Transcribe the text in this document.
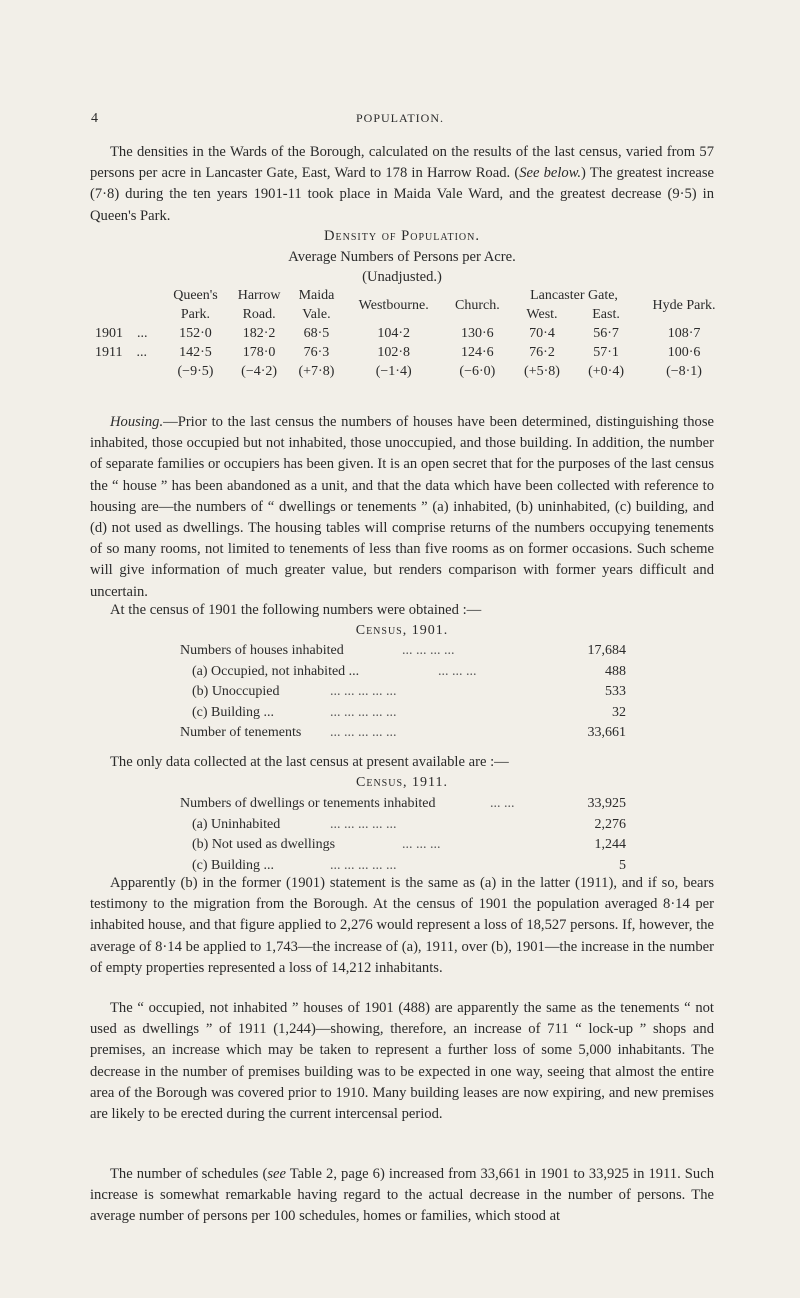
4	POPULATION.

The densities in the Wards of the Borough, calculated on the results of the last census, varied from 57 persons per acre in Lancaster Gate, East, Ward to 178 in Harrow Road. (See below.) The greatest increase (7·8) during the ten years 1901-11 took place in Maida Vale Ward, and the greatest decrease (9·5) in Queen's Park.

Density of Population.
Average Numbers of Persons per Acre.
(Unadjusted.)
	Queen's	Harrow	Maida	Westbourne.	Church.	Lancaster Gate,		Hyde Park.
	Park.	Road.	Vale.			West.	East.	
1901 ...	152·0	182·2	68·5	104·2	130·6	70·4	56·7	108·7
1911 ...	142·5	178·0	76·3	102·8	124·6	76·2	57·1	100·6
	(−9·5)	(−4·2)	(+7·8)	(−1·4)	(−6·0)	(+5·8)	(+0·4)	(−8·1)

Housing.—Prior to the last census the numbers of houses have been determined, distinguishing those inhabited, those occupied but not inhabited, those unoccupied, and those building. In addition, the number of separate families or occupiers has been given. It is an open secret that for the purposes of the last census the “ house ” has been abandoned as a unit, and that the data which have been collected with reference to housing are—the numbers of “ dwellings or tenements ” (a) inhabited, (b) uninhabited, (c) building, and (d) not used as dwellings. The housing tables will comprise returns of the numbers occupying tenements of so many rooms, not limited to tenements of less than five rooms as on former occasions. Such scheme will give information of much greater value, but renders comparison with former years difficult and uncertain.

At the census of 1901 the following numbers were obtained :—

Census, 1901.
Numbers of houses inhabited	... ... ... ...	17,684
(a) Occupied, not inhabited ...	... ... ...	488
(b) Unoccupied	... ... ... ... ...	533
(c) Building ...	... ... ... ... ...	32
Number of tenements ... ... ... ... ...	33,661

The only data collected at the last census at present available are :—

Census, 1911.
Numbers of dwellings or tenements inhabited	... ...	33,925
(a) Uninhabited	... ... ... ... ...	2,276
(b) Not used as dwellings	... ... ...	1,244
(c) Building ...	... ... ... ... ...	5

Apparently (b) in the former (1901) statement is the same as (a) in the latter (1911), and if so, bears testimony to the migration from the Borough. At the census of 1901 the population averaged 8·14 per inhabited house, and that figure applied to 2,276 would represent a loss of 18,527 persons. If, however, the average of 8·14 be applied to 1,743—the increase of (a), 1911, over (b), 1901—the increase in the number of empty properties represented a loss of 14,212 inhabitants.

The “ occupied, not inhabited ” houses of 1901 (488) are apparently the same as the tenements “ not used as dwellings ” of 1911 (1,244)—showing, therefore, an increase of 711 “ lock-up ” shops and premises, an increase which may be taken to represent a further loss of some 5,000 inhabitants. The decrease in the number of premises building was to be expected in one way, seeing that almost the entire area of the Borough was covered prior to 1910. Many building leases are now expiring, and new premises are likely to be erected during the current intercensal period.

The number of schedules (see Table 2, page 6) increased from 33,661 in 1901 to 33,925 in 1911. Such increase is somewhat remarkable having regard to the actual decrease in the number of persons. The average number of persons per 100 schedules, homes or families, which stood at
